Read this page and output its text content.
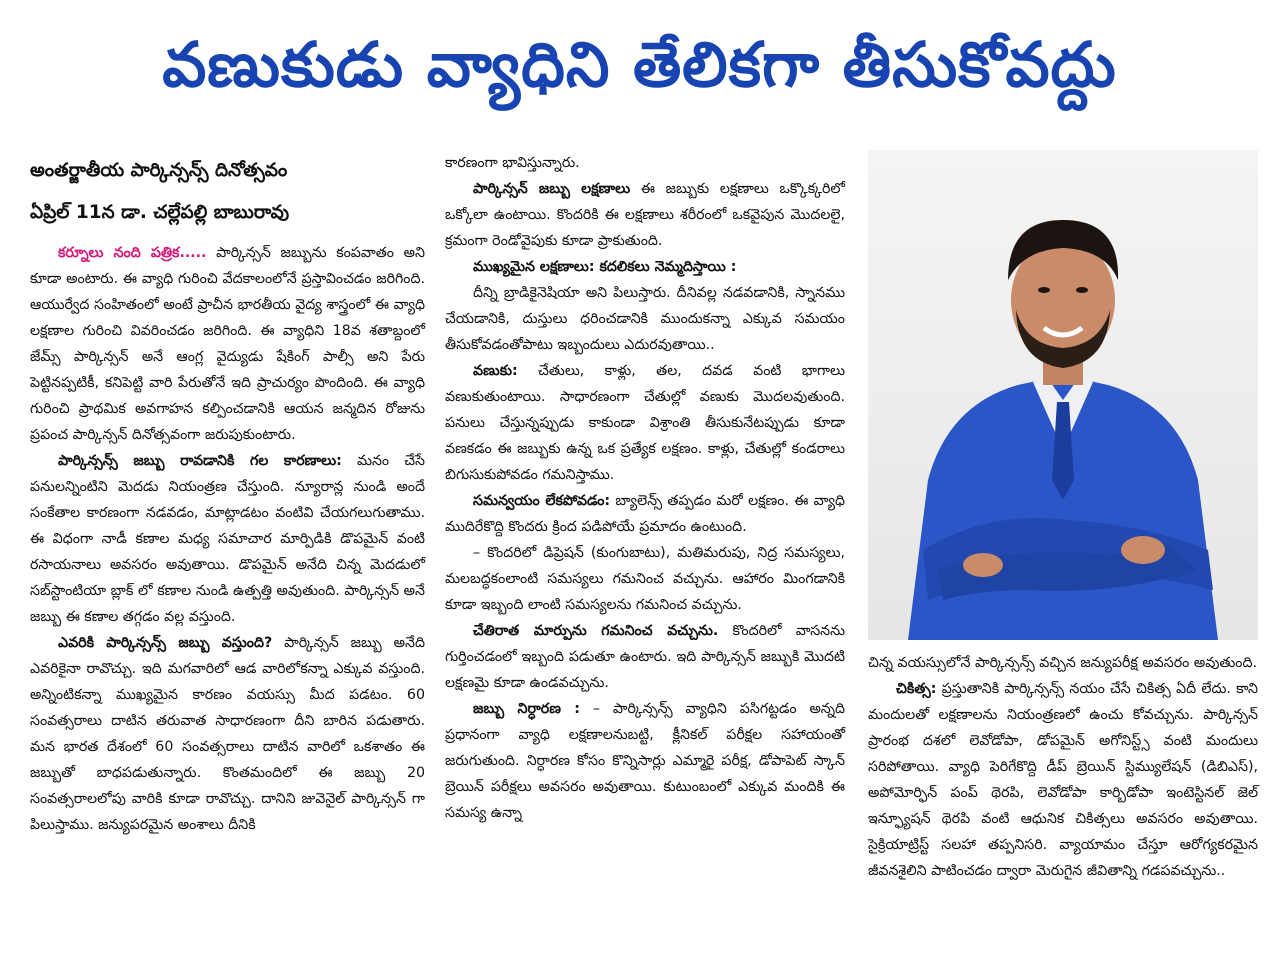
వణుకుడు వ్యాధిని తేలికగా తీసుకోవద్దు
అంతర్జాతీయ పార్కిన్సన్స్ దినోత్సవం
ఏప్రిల్ 11న డా. చల్లేపల్లి బాబురావు

కర్నూలు నంది పత్రిక..... పార్కిన్సన్ జబ్బును కంపవాతం అని కూడా అంటారు. ఈ వ్యాధి గురించి వేదకాలంలోనే ప్రస్తావించడం జరిగింది. ఆయుర్వేద సంహితంలో అంటే ప్రాచీన భారతీయ వైద్య శాస్త్రంలో ఈ వ్యాధి లక్షణాల గురించి వివరించడం జరిగింది. ఈ వ్యాధిని 18వ శతాబ్దంలో జేమ్స్ పార్కిన్సన్ అనే ఆంగ్ల వైద్యుడు షేకింగ్ పాల్సీ అని పేరు పెట్టినప్పటికీ, కనిపెట్టి వారి పేరుతోనే ఇది ప్రాచుర్యం పొందింది. ఈ వ్యాధి గురించి ప్రాథమిక అవగాహన కల్పించడానికి ఆయన జన్మదిన రోజును ప్రపంచ పార్కిన్సన్ దినోత్సవంగా జరుపుకుంటారు.

పార్కిన్సన్స్ జబ్బు రావడానికి గల కారణాలు: మనం చేసే పనులన్నింటిని మెదడు నియంత్రణ చేస్తుంది. న్యూరాన్ల నుండి అందే సంకేతాల కారణంగా నడవడం, మాట్లాడటం వంటివి చేయగలుగుతాము. ఈ విధంగా నాడీ కణాల మధ్య సమాచార మార్పిడికి డొపమైన్ వంటి రసాయనాలు అవసరం అవుతాయి. డొపమైన్ అనేది చిన్న మెదడులో సబ్‌స్టాంటియా బ్లాక్ లో కణాల నుండి ఉత్పత్తి అవుతుంది. పార్కిన్సన్ అనే జబ్బు ఈ కణాల తగ్గడం వల్ల వస్తుంది.

ఎవరికి పార్కిన్సన్స్ జబ్బు వస్తుంది? పార్కిన్సన్ జబ్బు అనేది ఎవరికైనా రావొచ్చు. ఇది మగవారిలో ఆడ వారిలోకన్నా ఎక్కువ వస్తుంది. అన్నింటికన్నా ముఖ్యమైన కారణం వయస్సు మీద పడటం. 60 సంవత్సరాలు దాటిన తరువాత సాధారణంగా దీని బారిన పడుతారు. మన భారత దేశంలో 60 సంవత్సరాలు దాటిన వారిలో ఒకశాతం ఈ జబ్బుతో బాధపడుతున్నారు. కొంతమందిలో ఈ జబ్బు 20 సంవత్సరాలలోపు వారికి కూడా రావొచ్చు. దానిని జువెనైల్ పార్కిన్సన్ గా పిలుస్తాము. జన్యుపరమైన అంశాలు దీనికి

కారణంగా భావిస్తున్నారు.

పార్కిన్సన్ జబ్బు లక్షణాలు ఈ జబ్బుకు లక్షణాలు ఒక్కొక్కరిలో ఒక్కోలా ఉంటాయి. కొందరికి ఈ లక్షణాలు శరీరంలో ఒకవైపున మొదలలై, క్రమంగా రెండోవైపుకు కూడా ప్రాకుతుంది.

ముఖ్యమైన లక్షణాలు: కదలికలు నెమ్మదిస్తాయి :

దీన్ని బ్రాడికైనెషియా అని పిలుస్తారు. దీనివల్ల నడవడానికి, స్నానము చేయడానికి, దుస్తులు ధరించడానికి ముందుకన్నా ఎక్కువ సమయం తీసుకోవడంతోపాటు ఇబ్బందులు ఎదురవుతాయి..

వణుకు: చేతులు, కాళ్లు, తల, దవడ వంటి భాగాలు వణుకుతుంటాయి. సాధారణంగా చేతుల్లో వణుకు మొదలవుతుంది. పనులు చేస్తున్నప్పుడు కాకుండా విశ్రాంతి తీసుకునేటప్పుడు కూడా వణకడం ఈ జబ్బుకు ఉన్న ఒక ప్రత్యేక లక్షణం. కాళ్లు, చేతుల్లో కండరాలు బిగుసుకుపోవడం గమనిస్తాము.

సమన్వయం లేకపోవడం: బ్యాలెన్స్ తప్పడం మరో లక్షణం. ఈ వ్యాధి ముదిరేకొద్ది కొందరు క్రింద పడిపోయే ప్రమాదం ఉంటుంది.

– కొందరిలో డిప్రెషన్ (కుంగుబాటు), మతిమరుపు, నిద్ర సమస్యలు, మలబద్ధకంలాంటి సమస్యలు గమనించ వచ్చును. ఆహారం మింగడానికి కూడా ఇబ్బంది లాంటి సమస్యలను గమనించ వచ్చును.

చేతిరాత మార్పును గమనించ వచ్చును. కొందరిలో వాసనను గుర్తించడంలో ఇబ్బంది పడుతూ ఉంటారు. ఇది పార్కిన్సన్ జబ్బుకి మొదటి లక్షణమై కూడా ఉండవచ్చును.

జబ్బు నిర్ధారణ : – పార్కిన్సన్స్ వ్యాధిని పసిగట్టడం అన్నది ప్రధానంగా వ్యాధి లక్షణాలనుబట్టి, క్లీనికల్ పరీక్షల సహాయంతో జరుగుతుంది. నిర్ధారణ కోసం కొన్నిసార్లు ఎమ్మారై పరీక్ష, డోపాపెట్ స్కాన్ బ్రెయిన్ పరీక్షలు అవసరం అవుతాయి. కుటుంబంలో ఎక్కువ మందికి ఈ సమస్య ఉన్నా

చిన్న వయస్సులోనే పార్కిన్సన్స్ వచ్చిన జన్యుపరీక్ష అవసరం అవుతుంది.

చికిత్స: ప్రస్తుతానికి పార్కిన్సన్స్ నయం చేసే చికిత్స ఏదీ లేదు. కాని మందులతో లక్షణాలను నియంత్రణలో ఉంచు కోవచ్చును. పార్కిన్సన్ ప్రారంభ దశలో లెవోడోపా, డోపమైన్ అగోనిస్ట్స్ వంటి మందులు సరిపోతాయి. వ్యాధి పెరిగేకొద్ది డీప్ బ్రెయిన్ స్టిమ్యులేషన్ (డిబిఎస్), అపోమోర్ఫిన్ పంప్ థెరపి, లెవోడోపా కార్బిడోపా ఇంటెస్టినల్ జెల్ ఇన్ఫ్యూషన్ థెరపి వంటి ఆధునిక చికిత్సలు అవసరం అవుతాయి. సైక్రియాట్రిస్ట్ సలహా తప్పనిసరి. వ్యాయామం చేస్తూ ఆరోగ్యకరమైన జీవనశైలిని పాటించడం ద్వారా మెరుగైన జీవితాన్ని గడపవచ్చును..
